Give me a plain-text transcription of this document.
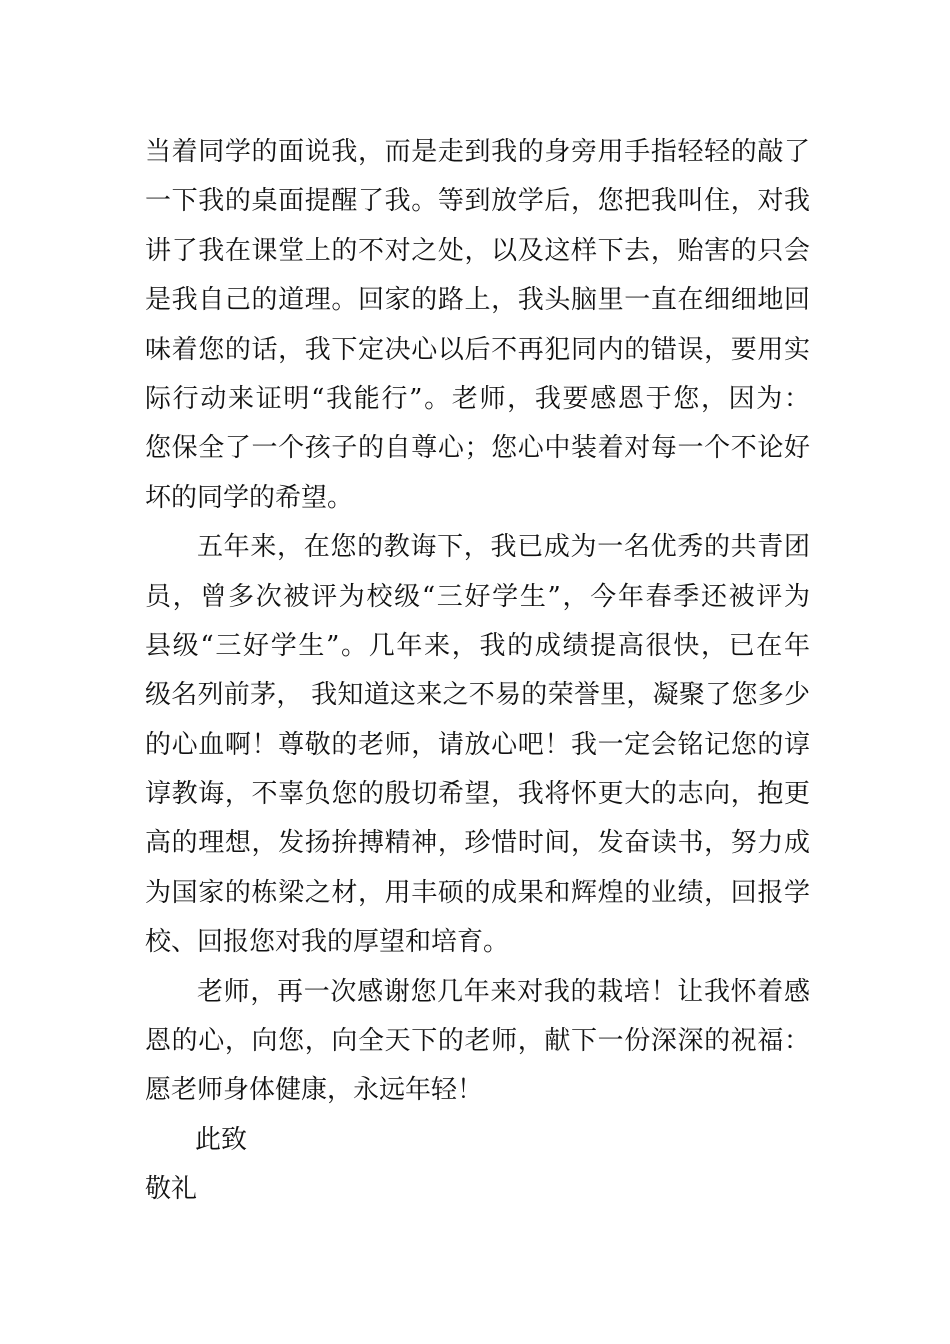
当着同学的面说我，而是走到我的身旁用手指轻轻的敲了
一下我的桌面提醒了我。等到放学后，您把我叫住，对我
讲了我在课堂上的不对之处，以及这样下去，贻害的只会
是我自己的道理。回家的路上，我头脑里一直在细细地回
味着您的话，我下定决心以后不再犯同内的错误，要用实
际行动来证明“我能行”。老师，我要感恩于您，因为：
您保全了一个孩子的自尊心；您心中装着对每一个不论好
坏的同学的希望。
五年来，在您的教诲下，我已成为一名优秀的共青团
员，曾多次被评为校级“三好学生”，今年春季还被评为
县级“三好学生”。几年来，我的成绩提高很快，已在年
级名列前茅， 我知道这来之不易的荣誉里，凝聚了您多少
的心血啊！尊敬的老师，请放心吧！我一定会铭记您的谆
谆教诲，不辜负您的殷切希望，我将怀更大的志向，抱更
高的理想，发扬拚搏精神，珍惜时间，发奋读书，努力成
为国家的栋梁之材，用丰硕的成果和辉煌的业绩，回报学
校、回报您对我的厚望和培育。
老师，再一次感谢您几年来对我的栽培！让我怀着感
恩的心，向您，向全天下的老师，献下一份深深的祝福：
愿老师身体健康，永远年轻！
此致
敬礼
